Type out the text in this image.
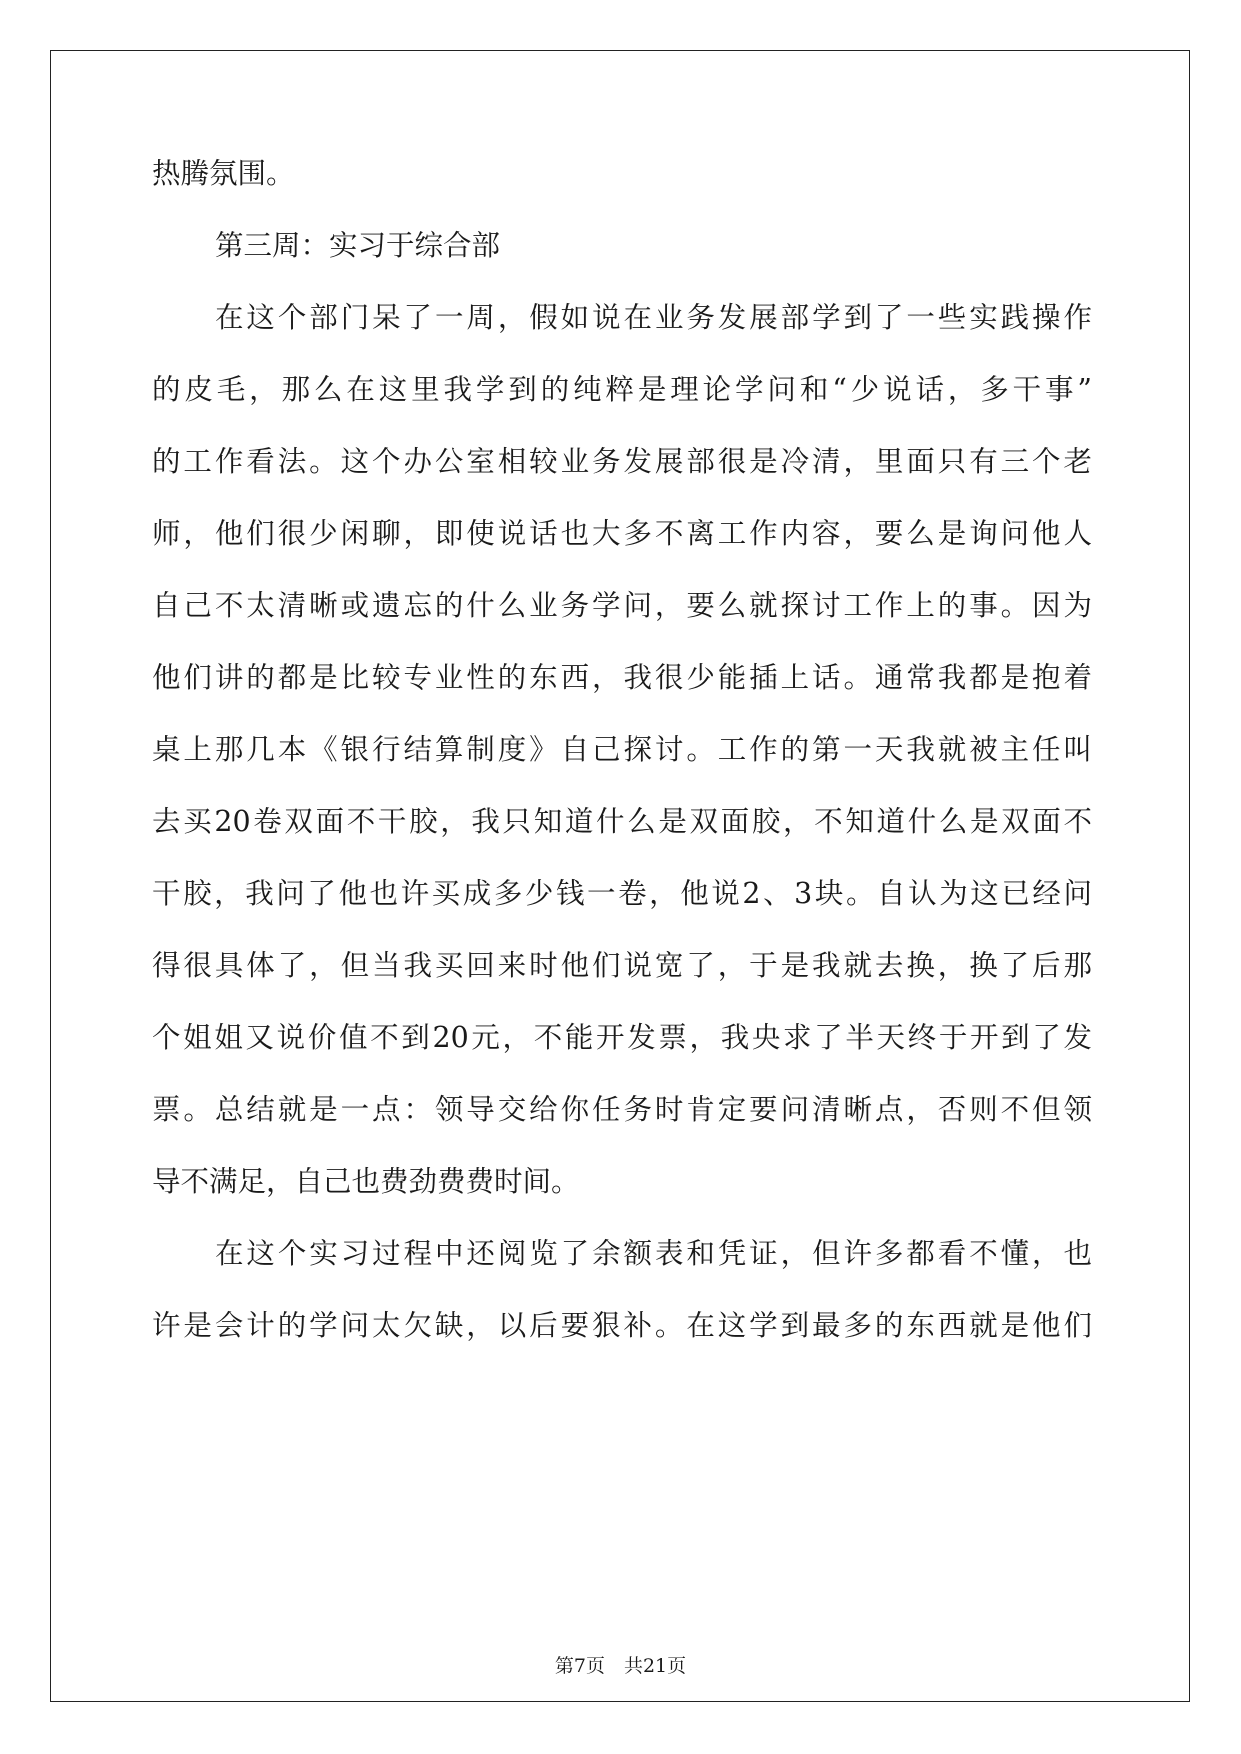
热腾氛围。
第三周：实习于综合部
在这个部门呆了一周，假如说在业务发展部学到了一些实践操作
的皮毛，那么在这里我学到的纯粹是理论学问和“少说话，多干事”
的工作看法。这个办公室相较业务发展部很是冷清，里面只有三个老
师，他们很少闲聊，即使说话也大多不离工作内容，要么是询问他人
自己不太清晰或遗忘的什么业务学问，要么就探讨工作上的事。因为
他们讲的都是比较专业性的东西，我很少能插上话。通常我都是抱着
桌上那几本《银行结算制度》自己探讨。工作的第一天我就被主任叫
去买20卷双面不干胶，我只知道什么是双面胶，不知道什么是双面不
干胶，我问了他也许买成多少钱一卷，他说2、3块。自认为这已经问
得很具体了，但当我买回来时他们说宽了，于是我就去换，换了后那
个姐姐又说价值不到20元，不能开发票，我央求了半天终于开到了发
票。总结就是一点：领导交给你任务时肯定要问清晰点，否则不但领
导不满足，自己也费劲费费时间。
在这个实习过程中还阅览了余额表和凭证，但许多都看不懂，也
许是会计的学问太欠缺，以后要狠补。在这学到最多的东西就是他们
第7页　共21页
